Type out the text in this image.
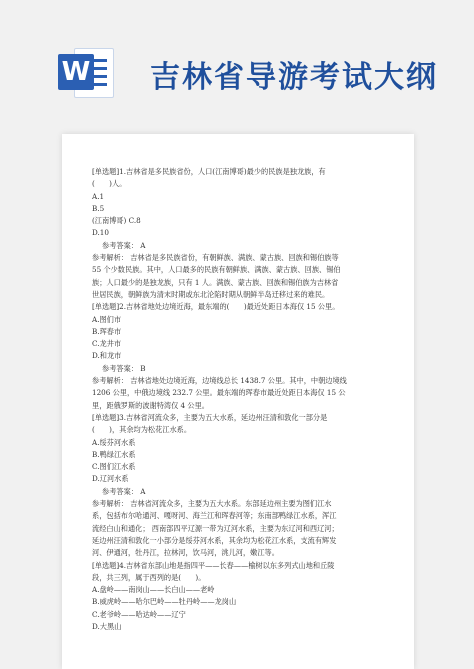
W 吉林省导游考试大纲

[单选题]1.吉林省是多民族省份，人口(江南博哥)最少的民族是独龙族，有

(　　)人。

A.1

B.5

(江南博哥) C.8

D.10

参考答案： A

参考解析： 吉林省是多民族省份，有朝鲜族、满族、蒙古族、回族和锡伯族等

55 个少数民族。其中，人口最多的民族有朝鲜族、满族、蒙古族、回族、锡伯

族；人口最少的是独龙族，只有 1 人。满族、蒙古族、回族和锡伯族为吉林省

世居民族，朝鲜族为清末时期或东北沦陷时期从朝鲜半岛迁移过来的难民。

[单选题]2.吉林省地处边境近海，最东端的(　　)最近处距日本海仅 15 公里。

A.图们市

B.珲春市

C.龙井市

D.和龙市

参考答案： B

参考解析： 吉林省地处边境近海，边境线总长 1438.7 公里。其中，中朝边境线

1206 公里，中俄边境线 232.7 公里。最东端的珲春市最近处距日本海仅 15 公

里，距俄罗斯的波谢特湾仅 4 公里。

[单选题]3.吉林省河流众多，主要为五大水系，延边州汪清和敦化一部分是

(　　)，其余均为松花江水系。

A.绥芬河水系

B.鸭绿江水系

C.图们江水系

D.辽河水系

参考答案： A

参考解析： 吉林省河流众多，主要为五大水系。东部延边州主要为图们江水

系，包括布尔哈通河、嘎呀河、海兰江和珲春河等；东南部鸭绿江水系，浑江

流经白山和通化； 西南部四平辽源一带为辽河水系，主要为东辽河和西辽河；

延边州汪清和敦化一小部分是绥芬河水系，其余均为松花江水系，支流有辉发

河、伊通河，牡丹江，拉林河，饮马河，洮儿河，嫩江等。

[单选题]4.吉林省东部山地是指四平——长春——榆树以东多列式山地和丘陵

段，共三列，属于西列的是(　　)。

A.盘岭——南岗山——长白山——老岭

B.威虎岭——哈尔巴岭——牡丹岭——龙岗山

C.老爷岭——哈达岭——辽宁

D.大黑山
